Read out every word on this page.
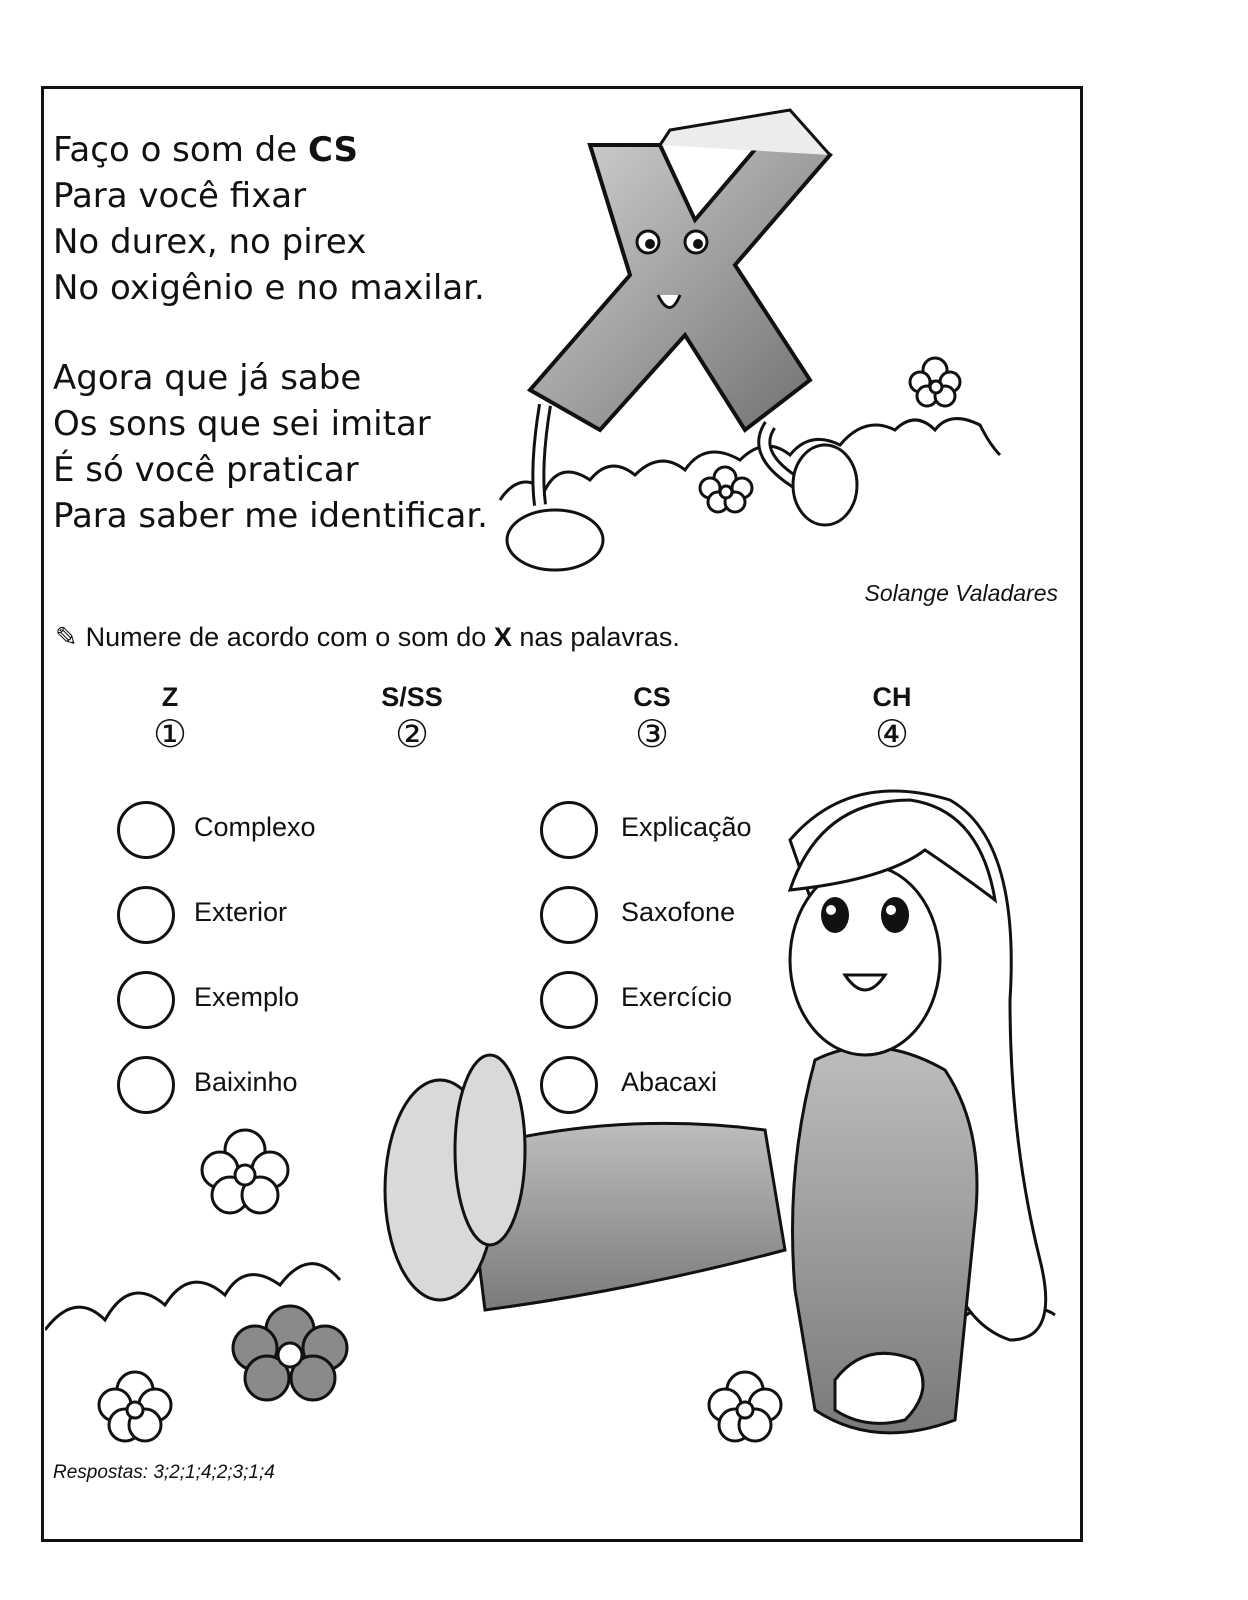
Faço o som de CS
Para você fixar
No durex, no pirex
No oxigênio e no maxilar.
Agora que já sabe
Os sons que sei imitar
É só você praticar
Para saber me identificar.
Solange Valadares
✎ Numere de acordo com o som do X nas palavras.
Z
①
S/SS
②
CS
③
CH
④
Complexo
Exterior
Exemplo
Baixinho
Explicação
Saxofone
Exercício
Abacaxi
Respostas: 3;2;1;4;2;3;1;4
